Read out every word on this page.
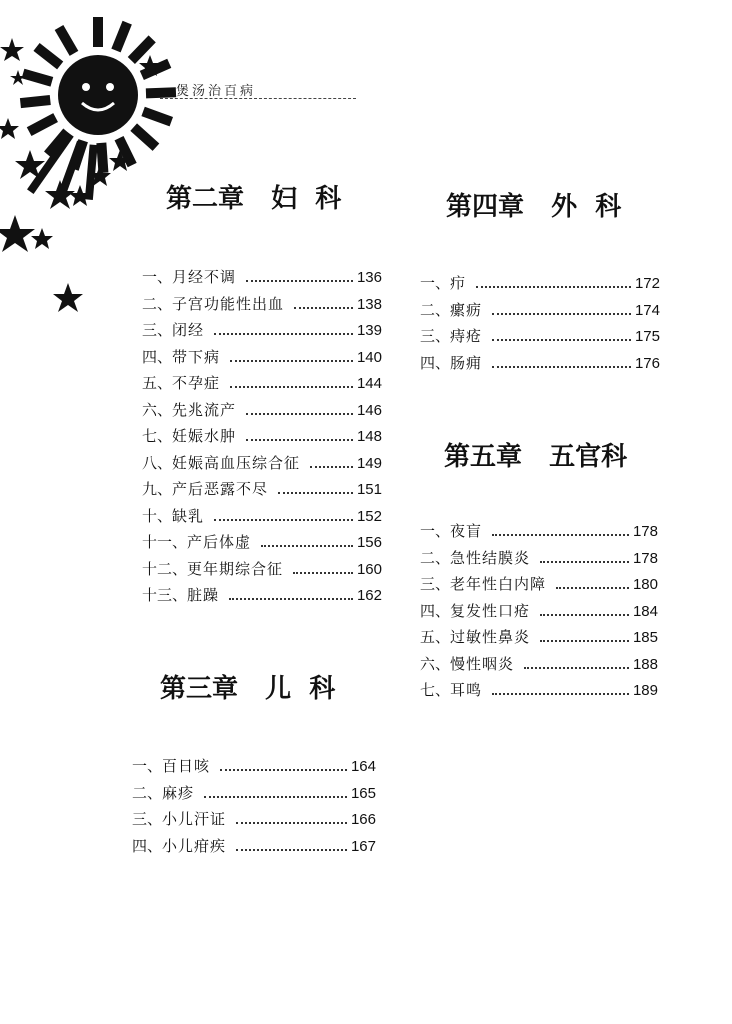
煲汤治百病
第二章   妇  科
一、 月经不调	136
二、 子宫功能性出血	138
三、 闭经	139
四、 带下病	140
五、 不孕症	144
六、 先兆流产	146
七、 妊娠水肿	148
八、 妊娠高血压综合征	149
九、 产后恶露不尽	151
十、 缺乳	152
十一、 产后体虚	156
十二、 更年期综合征	160
十三、 脏躁	162
第三章   儿  科
一、 百日咳	164
二、 麻疹	165
三、 小儿汗证	166
四、 小儿疳疾	167
第四章   外  科
一、 疖	172
二、 瘰疬	174
三、 痔疮	175
四、 肠痈	176
第五章   五官科
一、 夜盲	178
二、 急性结膜炎	178
三、 老年性白内障	180
四、 复发性口疮	184
五、 过敏性鼻炎	185
六、 慢性咽炎	188
七、 耳鸣	189
